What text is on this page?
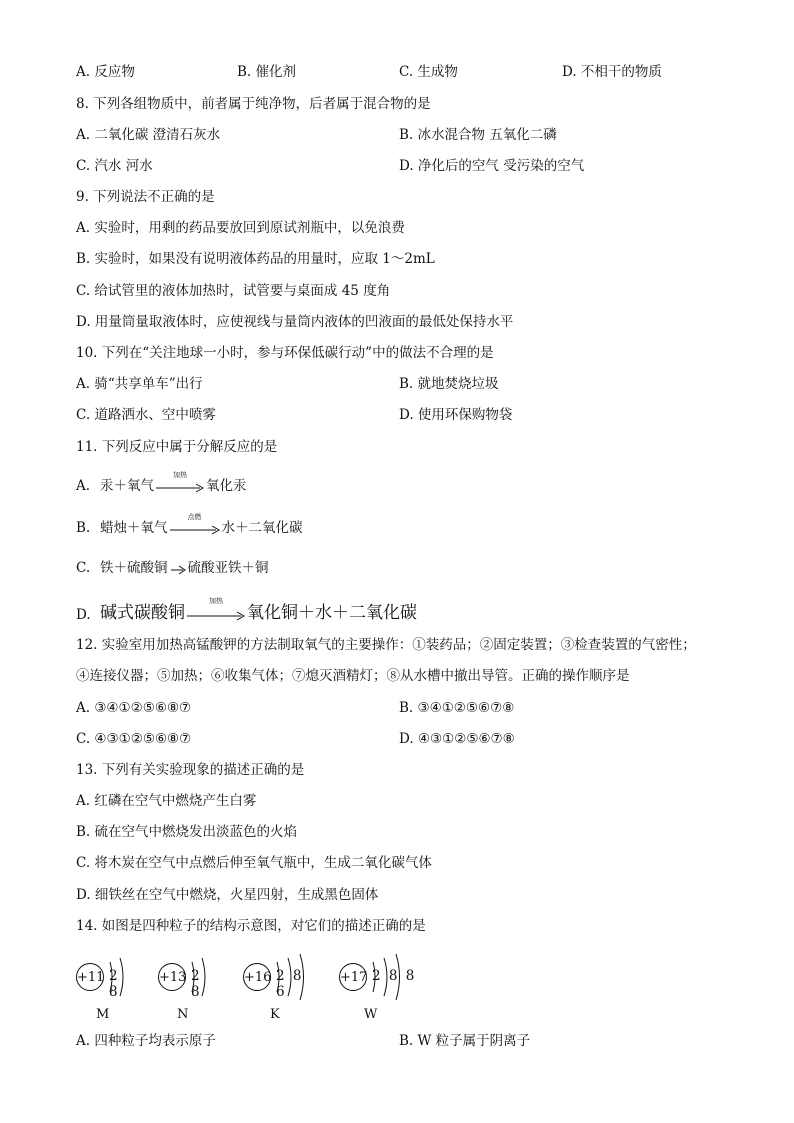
A. 反应物	B. 催化剂	C. 生成物	D. 不相干的物质
8. 下列各组物质中，前者属于纯净物，后者属于混合物的是
A. 二氧化碳 澄清石灰水	B. 冰水混合物 五氧化二磷
C. 汽水 河水	D. 净化后的空气 受污染的空气
9. 下列说法不正确的是
A. 实验时，用剩的药品要放回到原试剂瓶中，以免浪费
B. 实验时，如果没有说明液体药品的用量时，应取 1～2mL
C. 给试管里的液体加热时，试管要与桌面成 45 度角
D. 用量筒量取液体时，应使视线与量筒内液体的凹液面的最低处保持水平
10. 下列在“关注地球一小时，参与环保低碳行动”中的做法不合理的是
A. 骑“共享单车”出行	B. 就地焚烧垃圾
C. 道路洒水、空中喷雾	D. 使用环保购物袋
11. 下列反应中属于分解反应的是
A. 汞＋氧气
加热
氧化汞
B. 蜡烛＋氧气
点燃
水＋二氧化碳
C. 铁＋硫酸铜 → 硫酸亚铁＋铜
D. 碱式碳酸铜
加热
氧化铜＋水＋二氧化碳
12. 实验室用加热高锰酸钾的方法制取氧气的主要操作：①装药品；②固定装置；③检查装置的气密性；
④连接仪器；⑤加热；⑥收集气体；⑦熄灭酒精灯；⑧从水槽中撤出导管。正确的操作顺序是
A. ③④①②⑤⑥⑧⑦	B. ③④①②⑤⑥⑦⑧
C. ④③①②⑤⑥⑧⑦	D. ④③①②⑤⑥⑦⑧
13. 下列有关实验现象的描述正确的是
A. 红磷在空气中燃烧产生白雾
B. 硫在空气中燃烧发出淡蓝色的火焰
C. 将木炭在空气中点燃后伸至氧气瓶中，生成二氧化碳气体
D. 细铁丝在空气中燃烧，火星四射，生成黑色固体
14. 如图是四种粒子的结构示意图，对它们的描述正确的是
+11 2 8
M
+13 2 8
N
+16 2 8 6
K
+17 2 8 8
W
A. 四种粒子均表示原子	B. W 粒子属于阴离子
